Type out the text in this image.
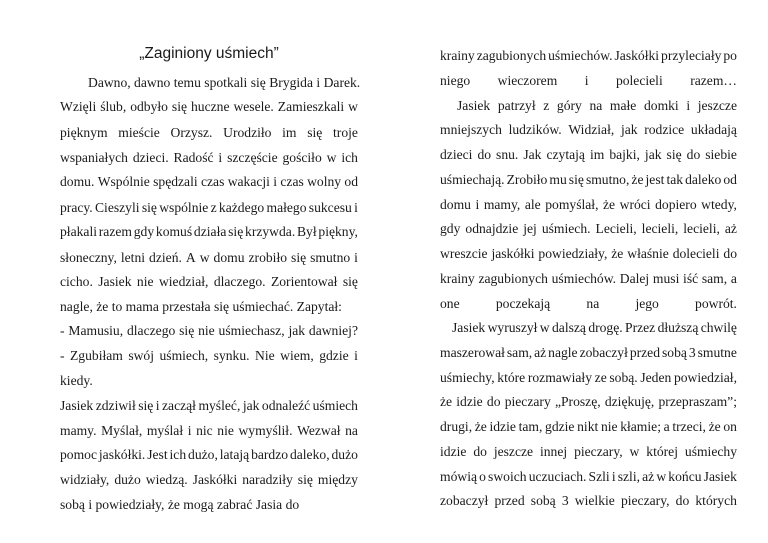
„Zaginiony uśmiech”
Dawno, dawno temu spotkali się Brygida i Darek.
Wzięli ślub, odbyło się huczne wesele. Zamieszkali w
pięknym mieście Orzysz. Urodziło im się troje
wspaniałych dzieci. Radość i szczęście gościło w ich
domu. Wspólnie spędzali czas wakacji i czas wolny od
pracy. Cieszyli się wspólnie z każdego małego sukcesu i
płakali razem gdy komuś działa się krzywda. Był piękny,
słoneczny, letni dzień. A w domu zrobiło się smutno i
cicho. Jasiek nie wiedział, dlaczego. Zorientował się
nagle, że to mama przestała się uśmiechać. Zapytał:
- Mamusiu, dlaczego się nie uśmiechasz, jak dawniej?
- Zgubiłam swój uśmiech, synku. Nie wiem, gdzie i
kiedy.
Jasiek zdziwił się i zaczął myśleć, jak odnaleźć uśmiech
mamy. Myślał, myślał i nic nie wymyślił. Wezwał na
pomoc jaskółki. Jest ich dużo, latają bardzo daleko, dużo
widziały, dużo wiedzą. Jaskółki naradziły się między
sobą i powiedziały, że mogą zabrać Jasia do
krainy zagubionych uśmiechów. Jaskółki przyleciały po
niego wieczorem i polecieli razem…
Jasiek patrzył z góry na małe domki i jeszcze
mniejszych ludzików. Widział, jak rodzice układają
dzieci do snu. Jak czytają im bajki, jak się do siebie
uśmiechają. Zrobiło mu się smutno, że jest tak daleko od
domu i mamy, ale pomyślał, że wróci dopiero wtedy,
gdy odnajdzie jej uśmiech. Lecieli, lecieli, lecieli, aż
wreszcie jaskółki powiedziały, że właśnie dolecieli do
krainy zagubionych uśmiechów. Dalej musi iść sam, a
one	poczekają	na	jego	powrót.
Jasiek wyruszył w dalszą drogę. Przez dłuższą chwilę
maszerował sam, aż nagle zobaczył przed sobą 3 smutne
uśmiechy, które rozmawiały ze sobą. Jeden powiedział,
że idzie do pieczary „Proszę, dziękuję, przepraszam”;
drugi, że idzie tam, gdzie nikt nie kłamie; a trzeci, że on
idzie do jeszcze innej pieczary, w której uśmiechy
mówią o swoich uczuciach. Szli i szli, aż w końcu Jasiek
zobaczył przed sobą 3 wielkie pieczary, do których
